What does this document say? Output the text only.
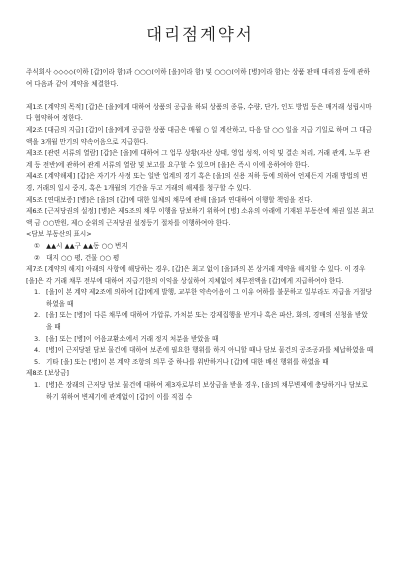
대리점계약서

주식회사 ◇◇◇◇(이하 [갑]이라 함)과 ○○○(이하 [을]이라 함) 및 ○○○(이하 [병]이라 함)는 상품 판매 대리점 등에 관하여 다음과 같이 계약을 체결한다.

제1조 [계약의 목적] [갑]은 [을]에게 대하여 상품의 공급을 하되 상품의 종류, 수량, 단가, 인도 방법 등은 매거래 성립시마다 협약하여 정한다.

제2조 [대금의 지급] [갑]이 [을]에게 공급한 상품 대금은 매월 ○ 일 계산하고, 다음 달 ○○ 일을 지급 기일로 하며 그 대금액을 3개월 만기의 약속어음으로 지급한다.

제3조 [관련 서류의 열람] [갑]은 [을]에 대하여 그 업무 상황(자산 상태, 영업 성적, 이익 및 결손 처리, 거래 관계, 노무 관계 등 전반)에 관하여 관계 서류의 열람 및 보고를 요구할 수 있으며 [을]은 즉시 이에 응하여야 한다.

제4조 [계약해제] [갑]은 자기가 사정 또는 일반 업계의 경기 혹은 [을]의 신용 저하 등에 의하여 언제든지 거래 방법의 변경, 거래의 일시 중지, 혹은 1개월의 기간을 두고 거래의 해제를 청구할 수 있다.

제5조 [연대보증] [병]은 [을]의 [갑]에 대한 일체의 채무에 관해 [을]과 연대하여 이행할 책임을 진다.

제6조 [근저당권의 설정] [병]은 제5조의 채무 이행을 담보하기 위하여 [병] 소유의 아래에 기재된 부동산에 채권 일본 최고액 금 ○○만원, 제○ 순위의 근저당권 설정등기 절차를 이행하여야 한다.

<담보 부동산의 표시>

① ▲▲시 ▲▲구 ▲▲동 ○○ 번지

② 대지 ○○ 평, 건물 ○○ 평

제7조 [계약의 해지] 아래의 사항에 해당하는 경우, [갑]은 최고 없이 [을]과의 본 상거래 계약을 해지할 수 있다. 이 경우 [을]은 각 거래 채무 전부에 대하여 지급기한의 이익을 상실하여 지체없이 채무전액을 [갑]에게 지급하여야 한다.

1. [을]이 본 계약 제2조에 의하여 [갑]에게 발행, 교부한 약속어음이 그 이유 여하를 불문하고 일부라도 지급을 거절당하였을 때
2. [을] 또는 [병]이 다른 채무에 대하여 가압류, 가처분 또는 강제집행을 받거나 혹은 파산, 화의, 경매의 신청을 받았을 때
3. [을] 또는 [병]이 어음교환소에서 거래 정지 처분을 받았을 때
4. [병]이 근저당된 담보 물건에 대하여 보존에 필요한 행위를 하지 아니할 때나 담보 물건의 공조공과를 체납하였을 때
5. 기타 [을] 또는 [병]이 본 계약 조항의 의무 중 하나를 위반하거나 [갑]에 대한 배신 행위를 하였을 때

제8조 [보상금]

1. [병]은 장래의 근저당 담보 물건에 대하여 제3자로부터 보상금을 받을 경우, [을]의 채무변제에 충당하거나 담보로 하기 위하여 변제기에 관계없이 [갑]이 이를 직접 수
